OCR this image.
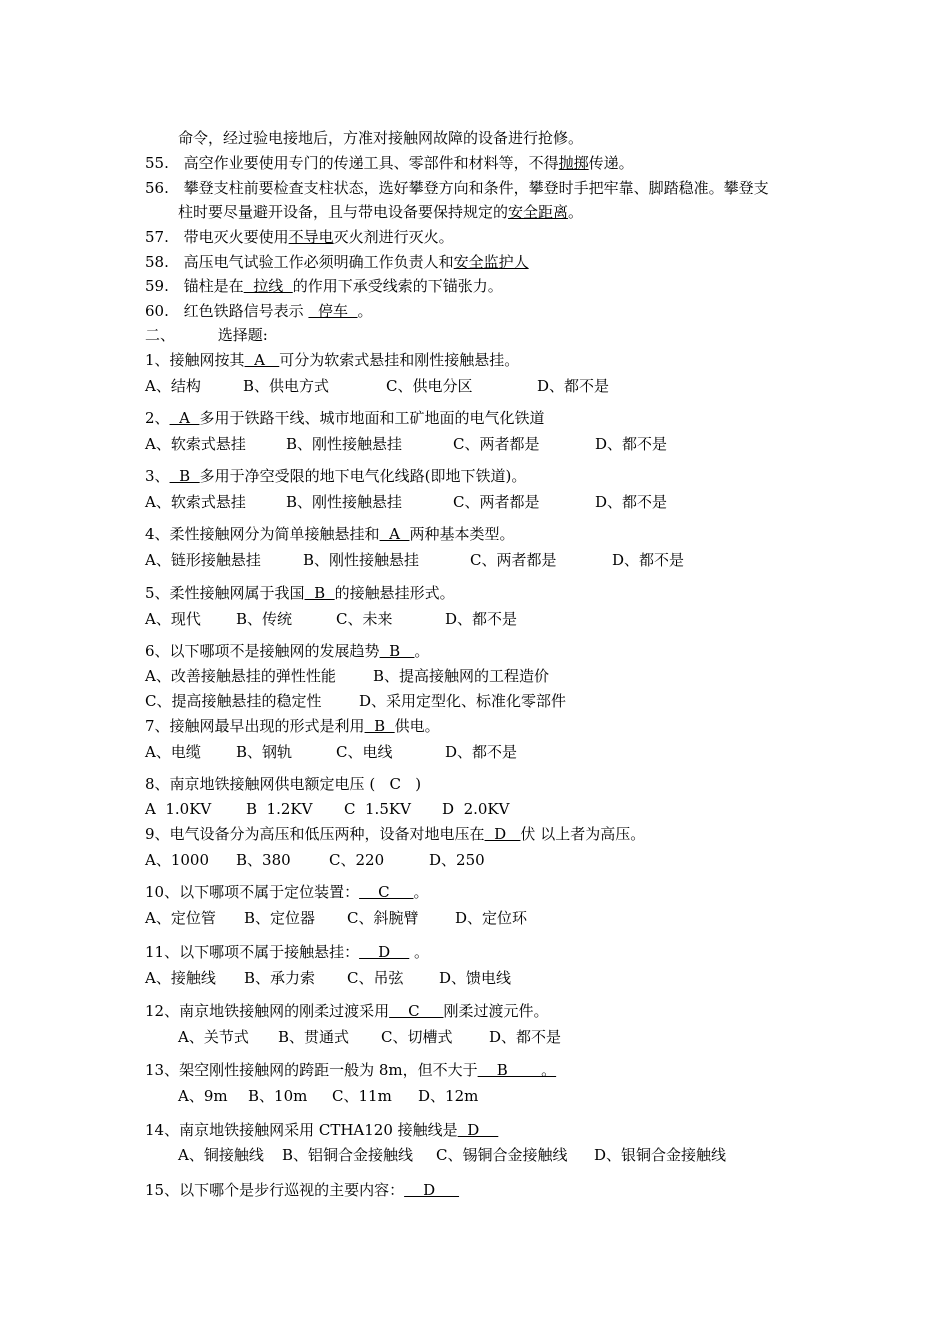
命令，经过验电接地后，方准对接触网故障的设备进行抢修。
55. 高空作业要使用专门的传递工具、零部件和材料等，不得抛掷传递。
56. 攀登支柱前要检查支柱状态，选好攀登方向和条件，攀登时手把牢靠、脚踏稳准。攀登支
柱时要尽量避开设备，且与带电设备要保持规定的安全距离。
57. 带电灭火要使用不导电灭火剂进行灭火。
58. 高压电气试验工作必须明确工作负责人和安全监护人
59. 锚柱是在  拉线  的作用下承受线索的下锚张力。
60. 红色铁路信号表示   停车  。
二、	选择题:
1、接触网按其  A   可分为软索式悬挂和刚性接触悬挂。
A、结构	B、供电方式	C、供电分区	D、都不是
2、  A  多用于铁路干线、城市地面和工矿地面的电气化铁道
A、软索式悬挂	B、刚性接触悬挂	C、两者都是	D、都不是
3、  B  多用于净空受限的地下电气化线路(即地下铁道)。
A、软索式悬挂	B、刚性接触悬挂	C、两者都是	D、都不是
4、柔性接触网分为简单接触悬挂和  A  两种基本类型。
A、链形接触悬挂	B、刚性接触悬挂	C、两者都是	D、都不是
5、柔性接触网属于我国  B  的接触悬挂形式。
A、现代 B、传统	C、未来	D、都不是
6、以下哪项不是接触网的发展趋势  B   。
A、改善接触悬挂的弹性性能 B、提高接触网的工程造价
C、提高接触悬挂的稳定性	D、采用定型化、标准化零部件
7、接触网最早出现的形式是利用  B  供电。
A、电缆 B、钢轨	C、电线	D、都不是
8、南京地铁接触网供电额定电压 (   C   )
A  1.0KV B  1.2KV C  1.5KV D  2.0KV
9、电气设备分为高压和低压两种，设备对地电压在  D   伏 以上者为高压。
A、1000 B、380	C、220	D、250
10、以下哪项不属于定位装置：    C     。
A、定位管 B、定位器 C、斜腕臂 D、定位环
11、以下哪项不属于接触悬挂：    D     。
A、接触线 B、承力索 C、吊弦 D、馈电线
12、南京地铁接触网的刚柔过渡采用    C     刚柔过渡元件。
A、关节式 B、贯通式 C、切槽式 D、都不是
13、架空刚性接触网的跨距一般为 8m，但不大于    B       。
A、9m B、10m C、11m D、12m
14、南京地铁接触网采用 CTHA120 接触线是  D
A、铜接触线 B、铝铜合金接触线 C、锡铜合金接触线 D、银铜合金接触线
15、以下哪个是步行巡视的主要内容：    D
